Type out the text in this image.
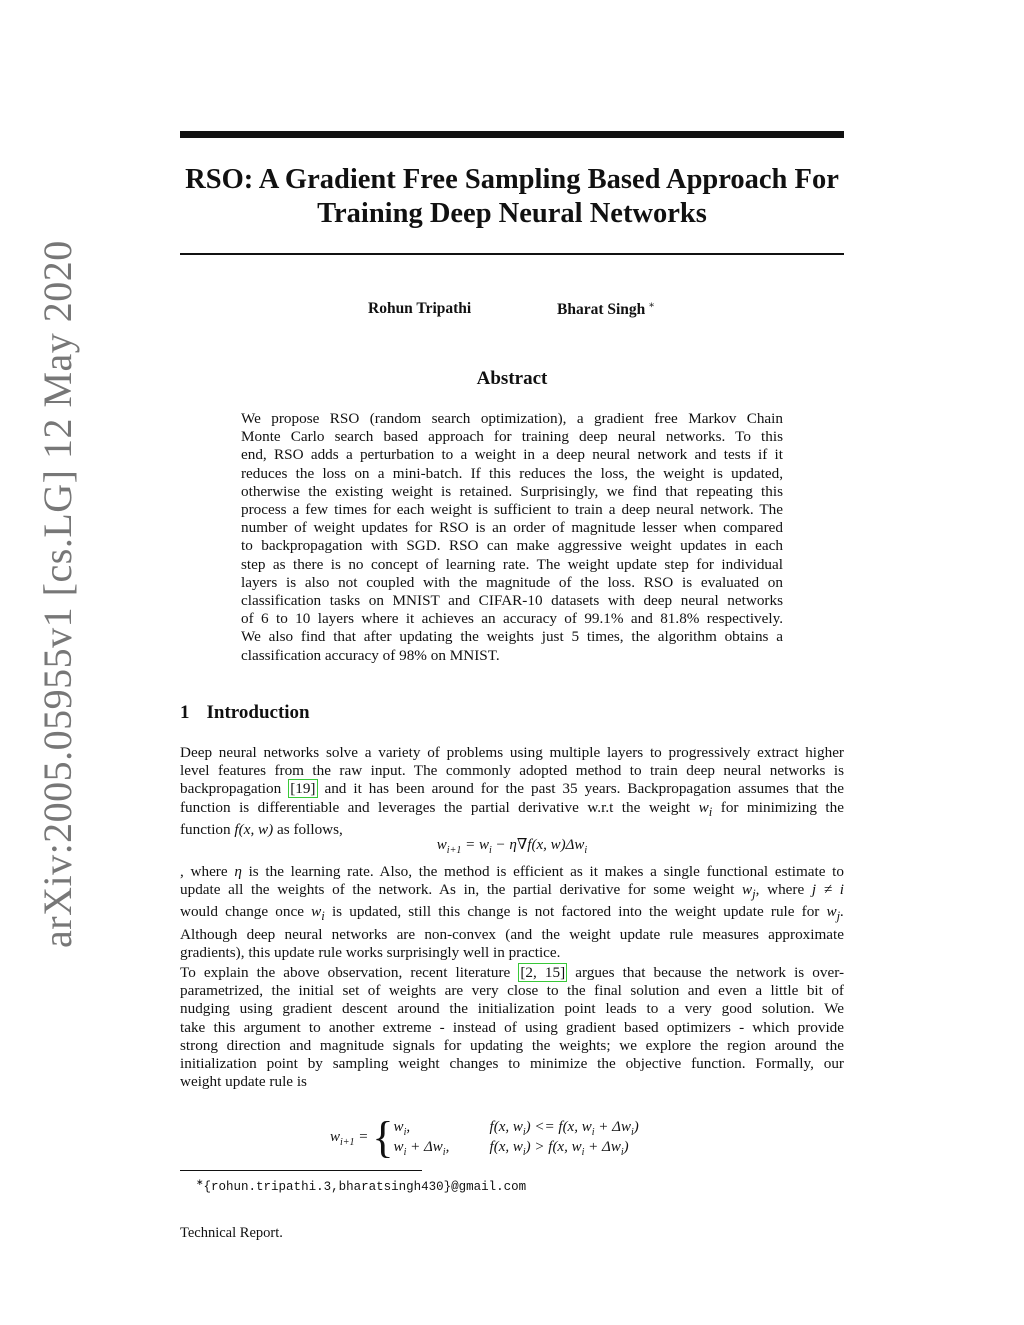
arXiv:2005.05955v1 [cs.LG] 12 May 2020
RSO: A Gradient Free Sampling Based Approach For
Training Deep Neural Networks
Rohun Tripathi	Bharat Singh ∗
Abstract
We propose RSO (random search optimization), a gradient free Markov Chain
Monte Carlo search based approach for training deep neural networks. To this
end, RSO adds a perturbation to a weight in a deep neural network and tests if it
reduces the loss on a mini-batch. If this reduces the loss, the weight is updated,
otherwise the existing weight is retained. Surprisingly, we find that repeating this
process a few times for each weight is sufficient to train a deep neural network. The
number of weight updates for RSO is an order of magnitude lesser when compared
to backpropagation with SGD. RSO can make aggressive weight updates in each
step as there is no concept of learning rate. The weight update step for individual
layers is also not coupled with the magnitude of the loss. RSO is evaluated on
classification tasks on MNIST and CIFAR-10 datasets with deep neural networks
of 6 to 10 layers where it achieves an accuracy of 99.1% and 81.8% respectively.
We also find that after updating the weights just 5 times, the algorithm obtains a
classification accuracy of 98% on MNIST.
1 Introduction
Deep neural networks solve a variety of problems using multiple layers to progressively extract higher
level features from the raw input. The commonly adopted method to train deep neural networks is
backpropagation [19] and it has been around for the past 35 years. Backpropagation assumes that the
function is differentiable and leverages the partial derivative w.r.t the weight $w_i$ for minimizing the
function f(x, w) as follows,
$w_{i+1} = w_i - \eta\nabla f(x$, $w)\Delta w_i$
, where η is the learning rate. Also, the method is efficient as it makes a single functional estimate to
update all the weights of the network. As in, the partial derivative for some weight $w_j$, where j ≠ i
would change once $w_i$ is updated, still this change is not factored into the weight update rule for $w_j$.
Although deep neural networks are non-convex (and the weight update rule measures approximate
gradients), this update rule works surprisingly well in practice.
To explain the above observation, recent literature [2, 15] argues that because the network is over-
parametrized, the initial set of weights are very close to the final solution and even a little bit of
nudging using gradient descent around the initialization point leads to a very good solution. We
take this argument to another extreme - instead of using gradient based optimizers - which provide
strong direction and magnitude signals for updating the weights; we explore the region around the
initialization point by sampling weight changes to minimize the objective function. Formally, our
weight update rule is
$w_{i+1}$ = { $w_i$,	f(x, $w_i) <= f(x$, $w_i + \Delta w_i$)
$w_i + \Delta w_i$,	f(x, $w_i) > f(x$, $w_i + \Delta w_i$)
∗{rohun.tripathi.3,bharatsingh430}@gmail.com
Technical Report.
